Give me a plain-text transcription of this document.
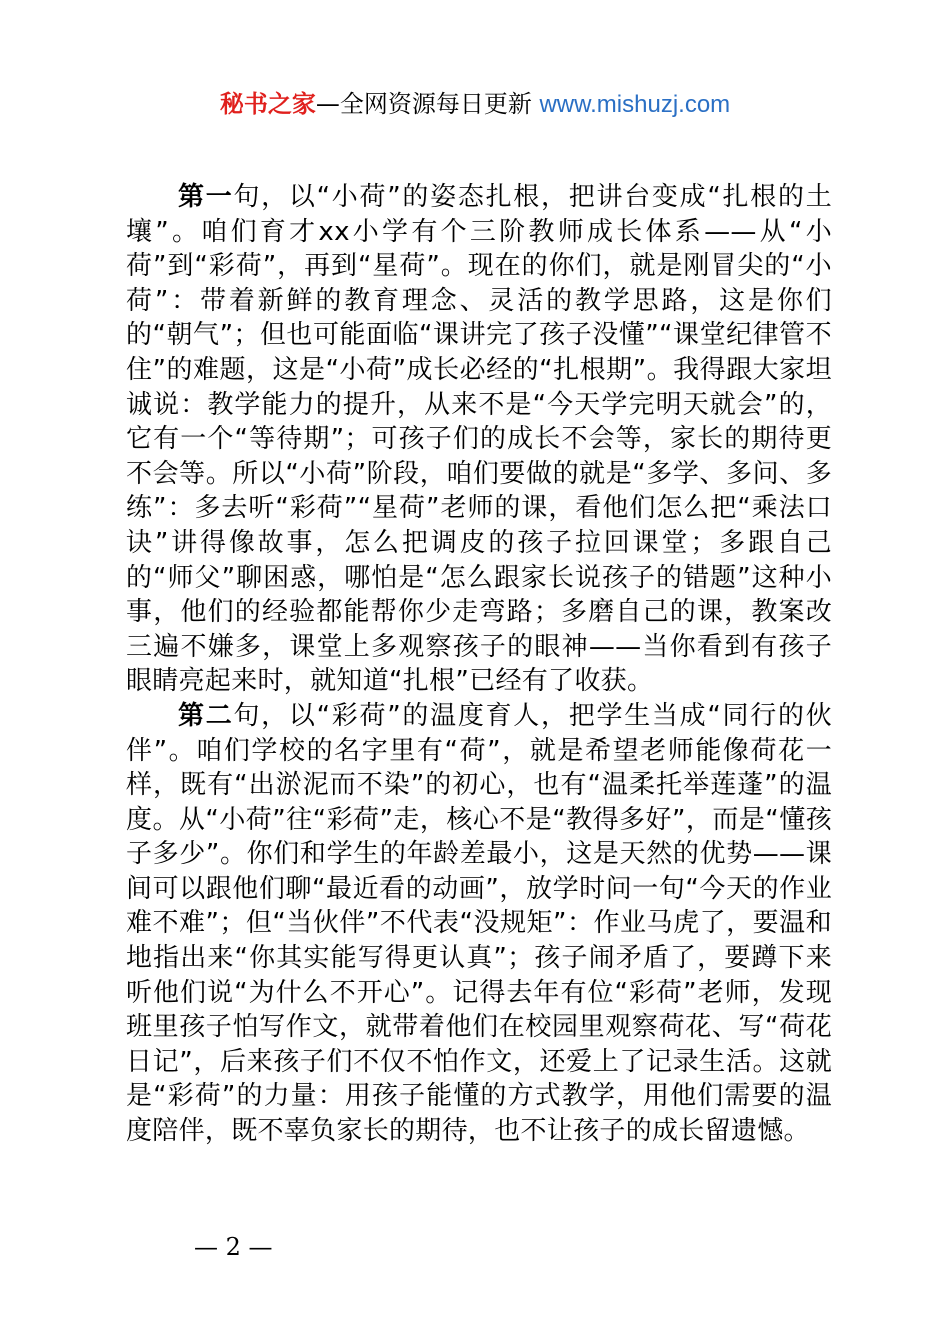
秘书之家—全网资源每日更新 www.mishuzj.com

第一句，以“小荷”的姿态扎根，把讲台变成“扎根的土壤”。咱们育才xx小学有个三阶教师成长体系——从“小荷”到“彩荷”，再到“星荷”。现在的你们，就是刚冒尖的“小荷”：带着新鲜的教育理念、灵活的教学思路，这是你们的“朝气”；但也可能面临“课讲完了孩子没懂”“课堂纪律管不住”的难题，这是“小荷”成长必经的“扎根期”。我得跟大家坦诚说：教学能力的提升，从来不是“今天学完明天就会”的，它有一个“等待期”；可孩子们的成长不会等，家长的期待更不会等。所以“小荷”阶段，咱们要做的就是“多学、多问、多练”：多去听“彩荷”“星荷”老师的课，看他们怎么把“乘法口诀”讲得像故事，怎么把调皮的孩子拉回课堂；多跟自己的“师父”聊困惑，哪怕是“怎么跟家长说孩子的错题”这种小事，他们的经验都能帮你少走弯路；多磨自己的课，教案改三遍不嫌多，课堂上多观察孩子的眼神——当你看到有孩子眼睛亮起来时，就知道“扎根”已经有了收获。

第二句，以“彩荷”的温度育人，把学生当成“同行的伙伴”。咱们学校的名字里有“荷”，就是希望老师能像荷花一样，既有“出淤泥而不染”的初心，也有“温柔托举莲蓬”的温度。从“小荷”往“彩荷”走，核心不是“教得多好”，而是“懂孩子多少”。你们和学生的年龄差最小，这是天然的优势——课间可以跟他们聊“最近看的动画”，放学时问一句“今天的作业难不难”；但“当伙伴”不代表“没规矩”：作业马虎了，要温和地指出来“你其实能写得更认真”；孩子闹矛盾了，要蹲下来听他们说“为什么不开心”。记得去年有位“彩荷”老师，发现班里孩子怕写作文，就带着他们在校园里观察荷花、写“荷花日记”，后来孩子们不仅不怕作文，还爱上了记录生活。这就是“彩荷”的力量：用孩子能懂的方式教学，用他们需要的温度陪伴，既不辜负家长的期待，也不让孩子的成长留遗憾。

— 2 —
